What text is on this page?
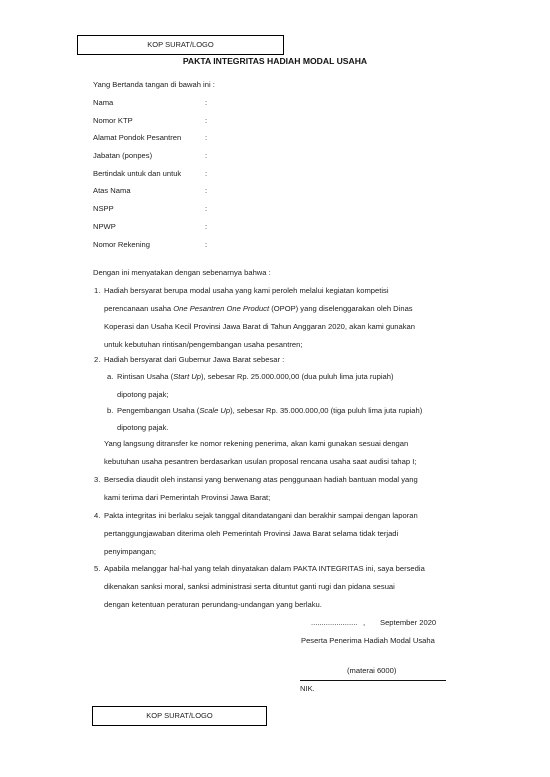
KOP SURAT/LOGO
PAKTA INTEGRITAS HADIAH MODAL USAHA
Yang Bertanda tangan di bawah ini :
Nama	:
Nomor KTP	:
Alamat Pondok Pesantren	:
Jabatan (ponpes)	:
Bertindak untuk dan untuk	:
Atas Nama	:
NSPP	:
NPWP	:
Nomor Rekening	:
Dengan ini menyatakan dengan sebenarnya bahwa :
1. Hadiah bersyarat berupa modal usaha yang kami peroleh melalui kegiatan kompetisi
perencanaan usaha One Pesantren One Product (OPOP) yang diselenggarakan oleh Dinas
Koperasi dan Usaha Kecil Provinsi Jawa Barat di Tahun Anggaran 2020, akan kami gunakan
untuk kebutuhan rintisan/pengembangan usaha pesantren;
2. Hadiah bersyarat dari Gubernur Jawa Barat sebesar :
a. Rintisan Usaha (Start Up), sebesar Rp. 25.000.000,00 (dua puluh lima juta rupiah)
dipotong pajak;
b. Pengembangan Usaha (Scale Up), sebesar Rp. 35.000.000,00 (tiga puluh lima juta rupiah)
dipotong pajak.
Yang langsung ditransfer ke nomor rekening penerima, akan kami gunakan sesuai dengan
kebutuhan usaha pesantren berdasarkan usulan proposal rencana usaha saat audisi tahap I;
3. Bersedia diaudit oleh instansi yang berwenang atas penggunaan hadiah bantuan modal yang
kami terima dari Pemerintah Provinsi Jawa Barat;
4. Pakta integritas ini berlaku sejak tanggal ditandatangani dan berakhir sampai dengan laporan
pertanggungjawaban diterima oleh Pemerintah Provinsi Jawa Barat selama tidak terjadi
penyimpangan;
5. Apabila melanggar hal-hal yang telah dinyatakan dalam PAKTA INTEGRITAS ini, saya bersedia
dikenakan sanksi moral, sanksi administrasi serta dituntut ganti rugi dan pidana sesuai
dengan ketentuan peraturan perundang-undangan yang berlaku.
...................... , September 2020
Peserta Penerima Hadiah Modal Usaha
(materai 6000)
NIK.
KOP SURAT/LOGO
